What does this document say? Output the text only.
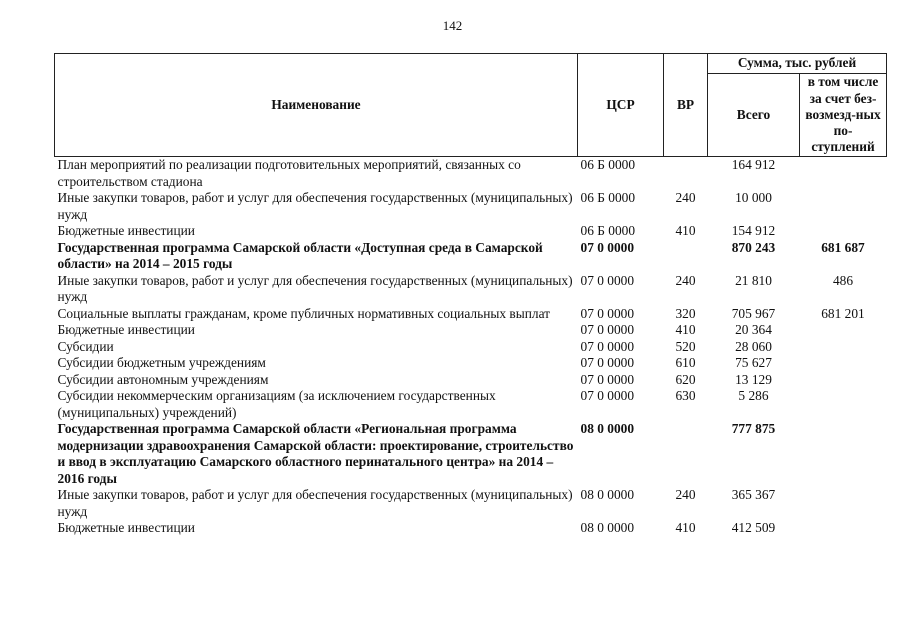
142
Наименование	ЦСР	ВР	Сумма, тыс. рублей	
			Всего	в том числе за счет без-возмезд-ных по-ступлений
План мероприятий по реализации подготовительных мероприятий, связанных со строительством стадиона	06 Б 0000		164 912	
Иные закупки товаров, работ и услуг для обеспечения государственных (муниципальных) нужд	06 Б 0000	240	10 000	
Бюджетные инвестиции	06 Б 0000	410	154 912	
Государственная программа Самарской области «Доступная среда в Самарской области» на 2014 – 2015 годы	07 0 0000		870 243	681 687
Иные закупки товаров, работ и услуг для обеспечения государственных (муниципальных) нужд	07 0 0000	240	21 810	486
Социальные выплаты гражданам, кроме публичных нормативных социальных выплат	07 0 0000	320	705 967	681 201
Бюджетные инвестиции	07 0 0000	410	20 364	
Субсидии	07 0 0000	520	28 060	
Субсидии бюджетным учреждениям	07 0 0000	610	75 627	
Субсидии автономным учреждениям	07 0 0000	620	13 129	
Субсидии некоммерческим организациям (за исключением государственных (муниципальных) учреждений)	07 0 0000	630	5 286	
Государственная программа Самарской области «Региональная программа модернизации здравоохранения Самарской области: проектирование, строительство и ввод в эксплуатацию Самарского областного перинатального центра» на 2014 – 2016 годы	08 0 0000		777 875	
Иные закупки товаров, работ и услуг для обеспечения государственных (муниципальных) нужд	08 0 0000	240	365 367	
Бюджетные инвестиции	08 0 0000	410	412 509	
